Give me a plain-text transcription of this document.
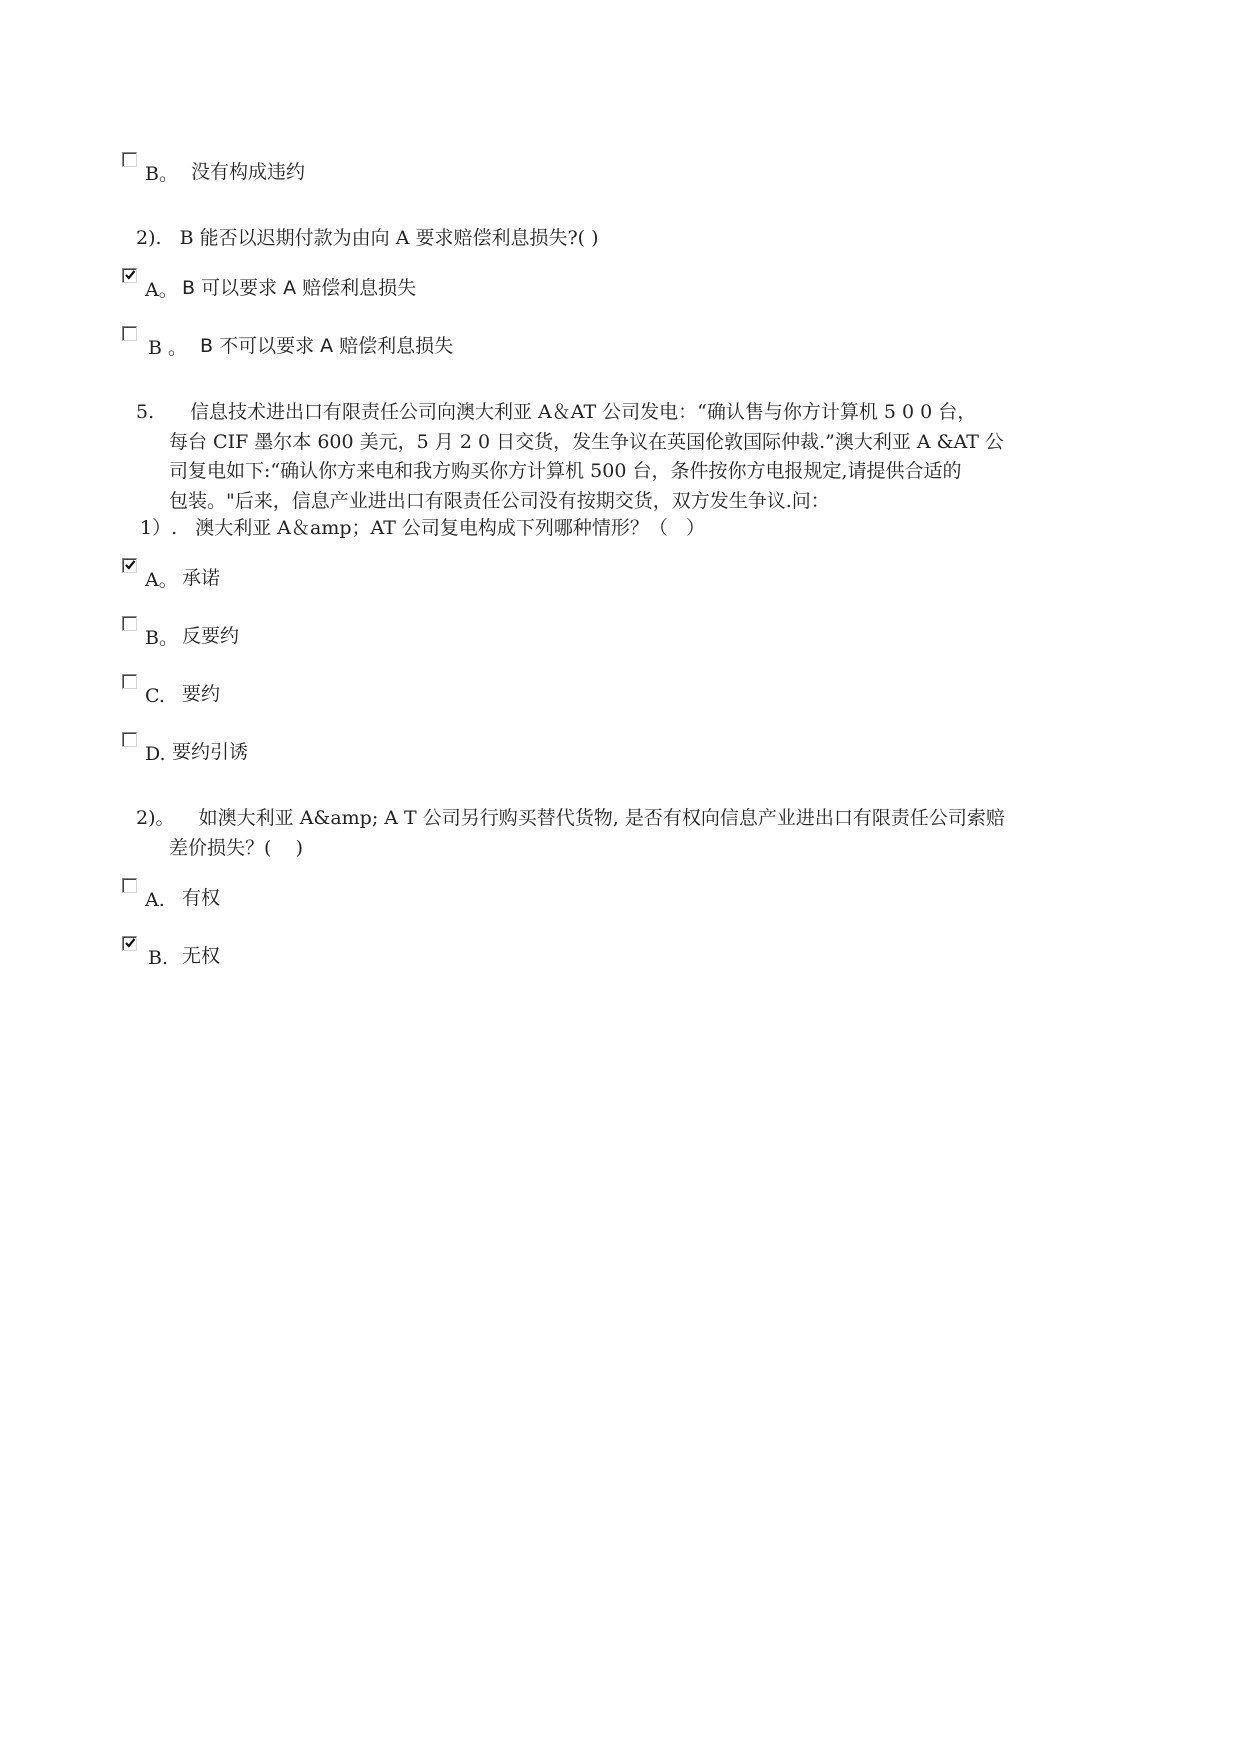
B。 没有构成违约
2).   B 能否以迟期付款为由向 A 要求赔偿利息损失?( )
A。 B 可以要求 A 赔偿利息损失
B 。 B 不可以要求 A 赔偿利息损失
5. 信息技术进出口有限责任公司向澳大利亚 A＆AT 公司发电：“确认售与你方计算机 5 0 0 台，
每台 CIF 墨尔本 600 美元，5 月 2 0 日交货，发生争议在英国伦敦国际仲裁.”澳大利亚 A &AT 公
司复电如下:“确认你方来电和我方购买你方计算机 500 台，条件按你方电报规定,请提供合适的
包装。"后来，信息产业进出口有限责任公司没有按期交货，双方发生争议.问：
1）.   澳大利亚 A＆amp；AT 公司复电构成下列哪种情形？（   ）
A。 承诺
B。 反要约
C. 要约
D. 要约引诱
2)。    如澳大利亚 A&amp; A T 公司另行购买替代货物, 是否有权向信息产业进出口有限责任公司索赔
差价损失？(    )
A. 有权
B. 无权
